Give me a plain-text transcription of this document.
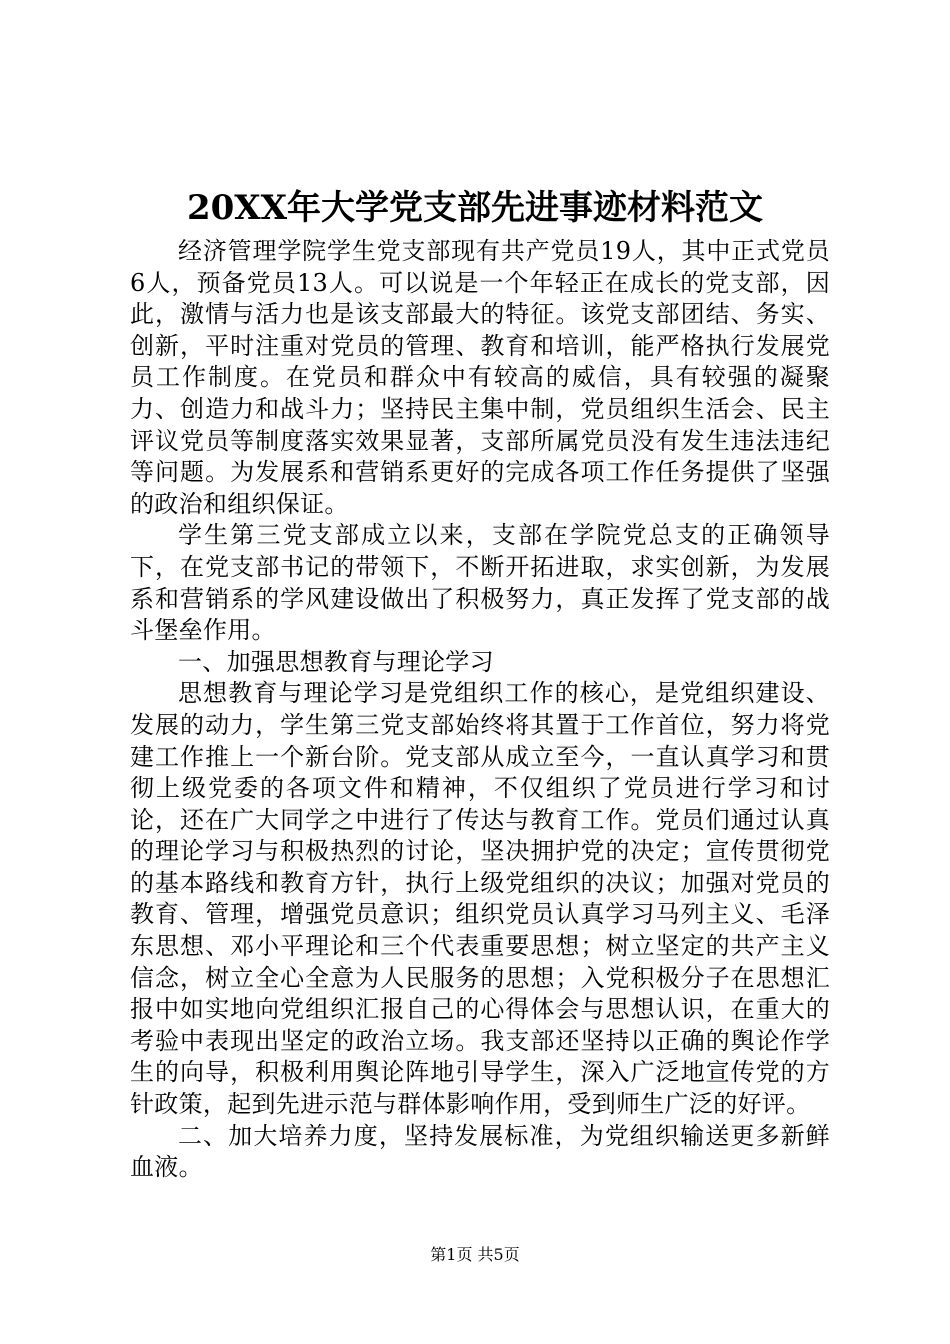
20XX年大学党支部先进事迹材料范文

经济管理学院学生党支部现有共产党员19人，其中正式党员6人，预备党员13人。可以说是一个年轻正在成长的党支部，因此，激情与活力也是该支部最大的特征。该党支部团结、务实、创新，平时注重对党员的管理、教育和培训，能严格执行发展党员工作制度。在党员和群众中有较高的威信，具有较强的凝聚力、创造力和战斗力；坚持民主集中制，党员组织生活会、民主评议党员等制度落实效果显著，支部所属党员没有发生违法违纪等问题。为发展系和营销系更好的完成各项工作任务提供了坚强的政治和组织保证。

学生第三党支部成立以来，支部在学院党总支的正确领导下，在党支部书记的带领下，不断开拓进取，求实创新，为发展系和营销系的学风建设做出了积极努力，真正发挥了党支部的战斗堡垒作用。

一、加强思想教育与理论学习

思想教育与理论学习是党组织工作的核心，是党组织建设、发展的动力，学生第三党支部始终将其置于工作首位，努力将党建工作推上一个新台阶。党支部从成立至今，一直认真学习和贯彻上级党委的各项文件和精神，不仅组织了党员进行学习和讨论，还在广大同学之中进行了传达与教育工作。党员们通过认真的理论学习与积极热烈的讨论，坚决拥护党的决定；宣传贯彻党的基本路线和教育方针，执行上级党组织的决议；加强对党员的教育、管理，增强党员意识；组织党员认真学习马列主义、毛泽东思想、邓小平理论和三个代表重要思想；树立坚定的共产主义信念，树立全心全意为人民服务的思想；入党积极分子在思想汇报中如实地向党组织汇报自己的心得体会与思想认识，在重大的考验中表现出坚定的政治立场。我支部还坚持以正确的舆论作学生的向导，积极利用舆论阵地引导学生，深入广泛地宣传党的方针政策，起到先进示范与群体影响作用，受到师生广泛的好评。

二、加大培养力度，坚持发展标准，为党组织输送更多新鲜血液。

第1页 共5页
